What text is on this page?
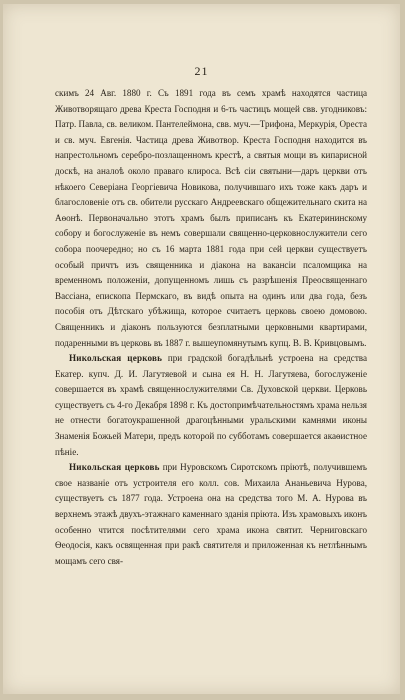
21

скимъ 24 Авг. 1880 г. Съ 1891 года въ семъ храмѣ находятся частица Животворящаго древа Креста Господня и 6-ть частицъ мощей свв. угодниковъ: Патр. Павла, св. великом. Пантелеймона, свв. муч.—Трифона, Меркурія, Ореста и св. муч. Евгенія. Частица древа Животвор. Креста Господня находится въ напрестольномъ серебро-позлащенномъ крестѣ, а святыя мощи въ кипарисной доскѣ, на аналоѣ около праваго клироса. Всѣ сіи святыни—даръ церкви отъ нѣкоего Северіана Георгіевича Новикова, получившаго ихъ тоже какъ даръ и благословеніе отъ св. обители русскаго Андреевскаго общежительнаго скита на Аѳонѣ. Первоначально этотъ храмъ былъ приписанъ къ Екатерининскому собору и богослуженіе въ немъ совершали священно-церковнослужители сего собора поочередно; но съ 16 марта 1881 года при сей церкви существуетъ особый причтъ изъ священника и діакона на вакансіи псаломщика на временномъ положеніи, допущенномъ лишь съ разрѣшенія Преосвященнаго Вассіана, епископа Пермскаго, въ видѣ опыта на одинъ или два года, безъ пособія отъ Дѣтскаго убѣжища, которое считаетъ церковь своею домовою. Священникъ и діаконъ пользуются безплатными церковными квартирами, подаренными въ церковь въ 1887 г. вышеупомянутымъ купц. В. В. Кривцовымъ.

Никольская церковь при градской богадѣльнѣ устроена на средства Екатер. купч. Д. И. Лагутяевой и сына ея Н. Н. Лагутяева, богослуженіе совершается въ храмѣ священнослужителями Св. Духовской церкви. Церковь существуетъ съ 4-го Декабря 1898 г. Къ достопримѣчательностямъ храма нельзя не отнести богатоукрашенной драгоцѣнными уральскими камнями иконы Знаменія Божьей Матери, предъ которой по субботамъ совершается акаѳистное пѣніе.

Никольская церковь при Нуровскомъ Сиротскомъ пріютѣ, получившемъ свое названіе отъ устроителя его колл. сов. Михаила Ананьевича Нурова, существуетъ съ 1877 года. Устроена она на средства того М. А. Нурова въ верхнемъ этажѣ двухъ-этажнаго каменнаго зданія пріюта. Изъ храмовыхъ иконъ особенно чтится посѣтителями сего храма икона святит. Черниговскаго Ѳеодосія, какъ освященная при ракѣ святителя и приложенная къ нетлѣннымъ мощамъ сего свя-
